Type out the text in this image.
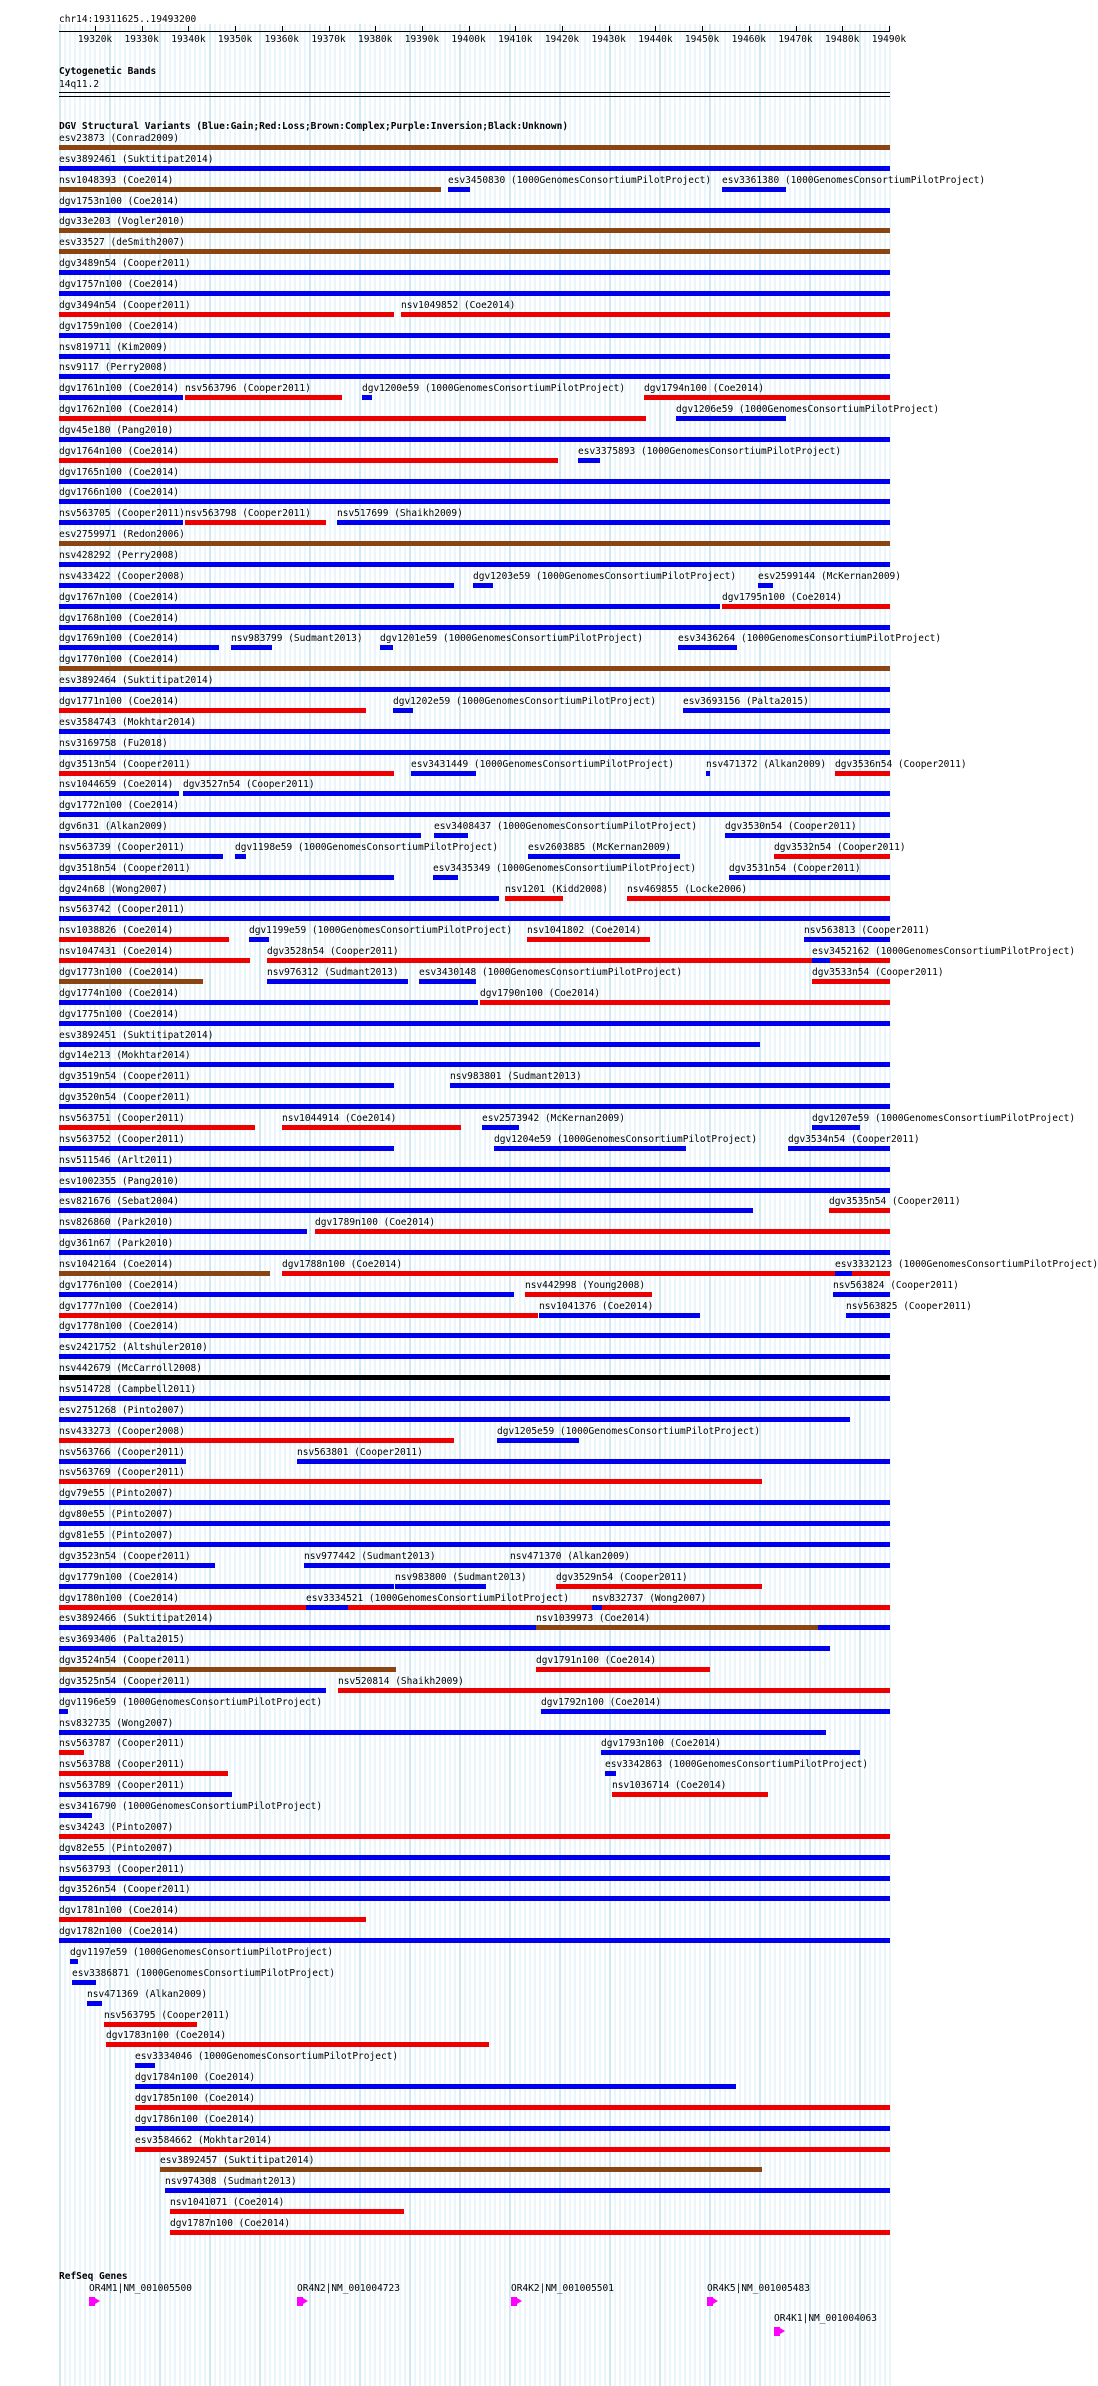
chr14:19311625..19493200
19320k 19330k 19340k 19350k 19360k 19370k 19380k 19390k 19400k 19410k 19420k 19430k 19440k 19450k 19460k 19470k 19480k 19490k
Cytogenetic Bands
14q11.2
DGV Structural Variants (Blue:Gain;Red:Loss;Brown:Complex;Purple:Inversion;Black:Unknown)
esv23873 (Conrad2009)
esv3892461 (Suktitipat2014)
nsv1048393 (Coe2014)	esv3450830 (1000GenomesConsortiumPilotProject) esv3361380 (1000GenomesConsortiumPilotProject)
dgv1753n100 (Coe2014)
dgv33e203 (Vogler2010)
esv33527 (deSmith2007)
dgv3489n54 (Cooper2011)
dgv1757n100 (Coe2014)
dgv3494n54 (Cooper2011)	nsv1049852 (Coe2014)
dgv1759n100 (Coe2014)
nsv819711 (Kim2009)
nsv9117 (Perry2008)
dgv1761n100 (Coe2014) nsv563796 (Cooper2011)	dgv1200e59 (1000GenomesConsortiumPilotProject) dgv1794n100 (Coe2014)
dgv1762n100 (Coe2014)	dgv1206e59 (1000GenomesConsortiumPilotProject)
dgv45e180 (Pang2010)
dgv1764n100 (Coe2014)	esv3375893 (1000GenomesConsortiumPilotProject)
dgv1765n100 (Coe2014)
dgv1766n100 (Coe2014)
nsv563705 (Cooper2011) nsv563798 (Cooper2011)	nsv517699 (Shaikh2009)
esv2759971 (Redon2006)
nsv428292 (Perry2008)
nsv433422 (Cooper2008)	dgv1203e59 (1000GenomesConsortiumPilotProject) esv2599144 (McKernan2009)
dgv1767n100 (Coe2014)	dgv1795n100 (Coe2014)
dgv1768n100 (Coe2014)
dgv1769n100 (Coe2014)	nsv983799 (Sudmant2013) dgv1201e59 (1000GenomesConsortiumPilotProject)	esv3436264 (1000GenomesConsortiumPilotProject)
dgv1770n100 (Coe2014)
esv3892464 (Suktitipat2014)
dgv1771n100 (Coe2014)	dgv1202e59 (1000GenomesConsortiumPilotProject)	esv3693156 (Palta2015)
esv3584743 (Mokhtar2014)
nsv3169758 (Fu2018)
dgv3513n54 (Cooper2011)	esv3431449 (1000GenomesConsortiumPilotProject)	nsv471372 (Alkan2009) dgv3536n54 (Cooper2011)
nsv1044659 (Coe2014) dgv3527n54 (Cooper2011)
dgv1772n100 (Coe2014)
dgv6n31 (Alkan2009)	esv3408437 (1000GenomesConsortiumPilotProject)	dgv3530n54 (Cooper2011)
nsv563739 (Cooper2011)	dgv1198e59 (1000GenomesConsortiumPilotProject)	esv2603885 (McKernan2009)	dgv3532n54 (Cooper2011)
dgv3518n54 (Cooper2011)	esv3435349 (1000GenomesConsortiumPilotProject)	dgv3531n54 (Cooper2011)
dgv24n68 (Wong2007)	nsv1201 (Kidd2008) nsv469855 (Locke2006)
nsv563742 (Cooper2011)
nsv1038826 (Coe2014)	dgv1199e59 (1000GenomesConsortiumPilotProject) nsv1041802 (Coe2014)	nsv563813 (Cooper2011)
nsv1047431 (Coe2014)	dgv3528n54 (Cooper2011)	esv3452162 (1000GenomesConsortiumPilotProject)
dgv1773n100 (Coe2014)	nsv976312 (Sudmant2013) esv3430148 (1000GenomesConsortiumPilotProject)	dgv3533n54 (Cooper2011)
dgv1774n100 (Coe2014)	dgv1790n100 (Coe2014)
dgv1775n100 (Coe2014)
esv3892451 (Suktitipat2014)
dgv14e213 (Mokhtar2014)
dgv3519n54 (Cooper2011)	nsv983801 (Sudmant2013)
dgv3520n54 (Cooper2011)
nsv563751 (Cooper2011)	nsv1044914 (Coe2014)	esv2573942 (McKernan2009)	dgv1207e59 (1000GenomesConsortiumPilotProject)
nsv563752 (Cooper2011)	dgv1204e59 (1000GenomesConsortiumPilotProject)	dgv3534n54 (Cooper2011)
nsv511546 (Arlt2011)
esv1002355 (Pang2010)
esv821676 (Sebat2004)	dgv3535n54 (Cooper2011)
nsv826860 (Park2010)	dgv1789n100 (Coe2014)
dgv361n67 (Park2010)
nsv1042164 (Coe2014)	dgv1788n100 (Coe2014)	esv3332123 (1000GenomesConsortiumPilotProject)
dgv1776n100 (Coe2014)	nsv442998 (Young2008)	nsv563824 (Cooper2011)
dgv1777n100 (Coe2014)	nsv1041376 (Coe2014)	nsv563825 (Cooper2011)
dgv1778n100 (Coe2014)
esv2421752 (Altshuler2010)
nsv442679 (McCarroll2008)
nsv514728 (Campbell2011)
esv2751268 (Pinto2007)
nsv433273 (Cooper2008)	dgv1205e59 (1000GenomesConsortiumPilotProject)
nsv563766 (Cooper2011)	nsv563801 (Cooper2011)
nsv563769 (Cooper2011)
dgv79e55 (Pinto2007)
dgv80e55 (Pinto2007)
dgv81e55 (Pinto2007)
dgv3523n54 (Cooper2011)	nsv977442 (Sudmant2013)	nsv471370 (Alkan2009)
dgv1779n100 (Coe2014)	nsv983800 (Sudmant2013)	dgv3529n54 (Cooper2011)
dgv1780n100 (Coe2014)	esv3334521 (1000GenomesConsortiumPilotProject) nsv832737 (Wong2007)
esv3892466 (Suktitipat2014)	nsv1039973 (Coe2014)
esv3693406 (Palta2015)
dgv3524n54 (Cooper2011)	dgv1791n100 (Coe2014)
dgv3525n54 (Cooper2011)	nsv520814 (Shaikh2009)
dgv1196e59 (1000GenomesConsortiumPilotProject)	dgv1792n100 (Coe2014)
nsv832735 (Wong2007)
nsv563787 (Cooper2011)	dgv1793n100 (Coe2014)
nsv563788 (Cooper2011)	esv3342863 (1000GenomesConsortiumPilotProject)
nsv563789 (Cooper2011)	nsv1036714 (Coe2014)
esv3416790 (1000GenomesConsortiumPilotProject)
esv34243 (Pinto2007)
dgv82e55 (Pinto2007)
nsv563793 (Cooper2011)
dgv3526n54 (Cooper2011)
dgv1781n100 (Coe2014)
dgv1782n100 (Coe2014)
dgv1197e59 (1000GenomesConsortiumPilotProject)
esv3386871 (1000GenomesConsortiumPilotProject)
nsv471369 (Alkan2009)
nsv563795 (Cooper2011)
dgv1783n100 (Coe2014)
esv3334046 (1000GenomesConsortiumPilotProject)
dgv1784n100 (Coe2014)
dgv1785n100 (Coe2014)
dgv1786n100 (Coe2014)
esv3584662 (Mokhtar2014)
esv3892457 (Suktitipat2014)
nsv974308 (Sudmant2013)
nsv1041071 (Coe2014)
dgv1787n100 (Coe2014)
RefSeq Genes
OR4M1|NM_001005500	OR4N2|NM_001004723	OR4K2|NM_001005501	OR4K5|NM_001005483
OR4K1|NM_001004063
